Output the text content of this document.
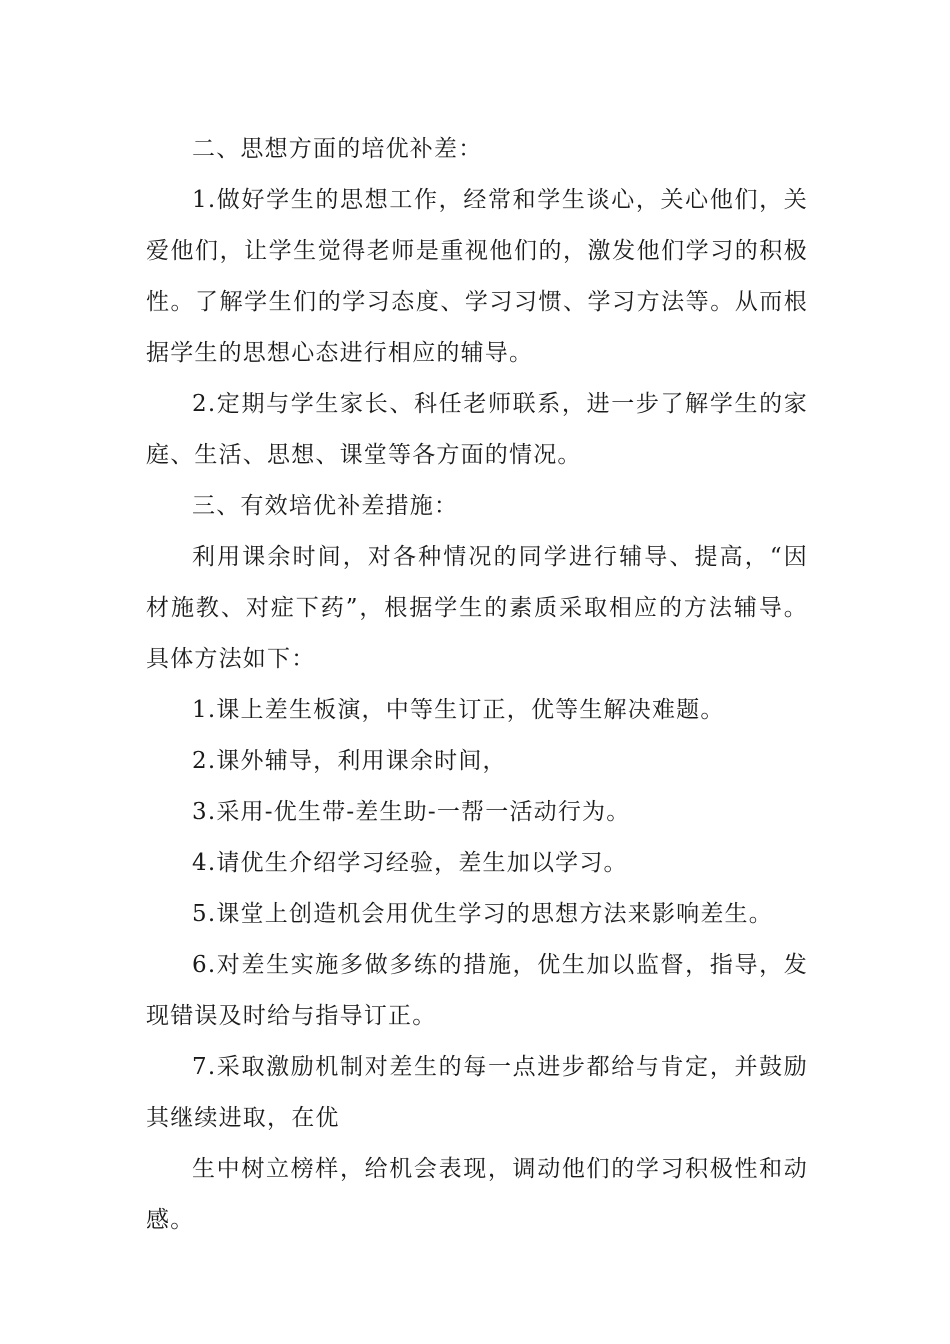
二、思想方面的培优补差：

1.做好学生的思想工作，经常和学生谈心，关心他们，关爱他们，让学生觉得老师是重视他们的，激发他们学习的积极性。了解学生们的学习态度、学习习惯、学习方法等。从而根据学生的思想心态进行相应的辅导。

2.定期与学生家长、科任老师联系，进一步了解学生的家庭、生活、思想、课堂等各方面的情况。

三、有效培优补差措施：

利用课余时间，对各种情况的同学进行辅导、提高，“因材施教、对症下药”，根据学生的素质采取相应的方法辅导。具体方法如下：

1.课上差生板演，中等生订正，优等生解决难题。

2.课外辅导，利用课余时间，

3.采用-优生带-差生助-一帮一活动行为。

4.请优生介绍学习经验，差生加以学习。

5.课堂上创造机会用优生学习的思想方法来影响差生。

6.对差生实施多做多练的措施，优生加以监督，指导，发现错误及时给与指导订正。

7.采取激励机制对差生的每一点进步都给与肯定，并鼓励其继续进取，在优

生中树立榜样，给机会表现，调动他们的学习积极性和动感。
